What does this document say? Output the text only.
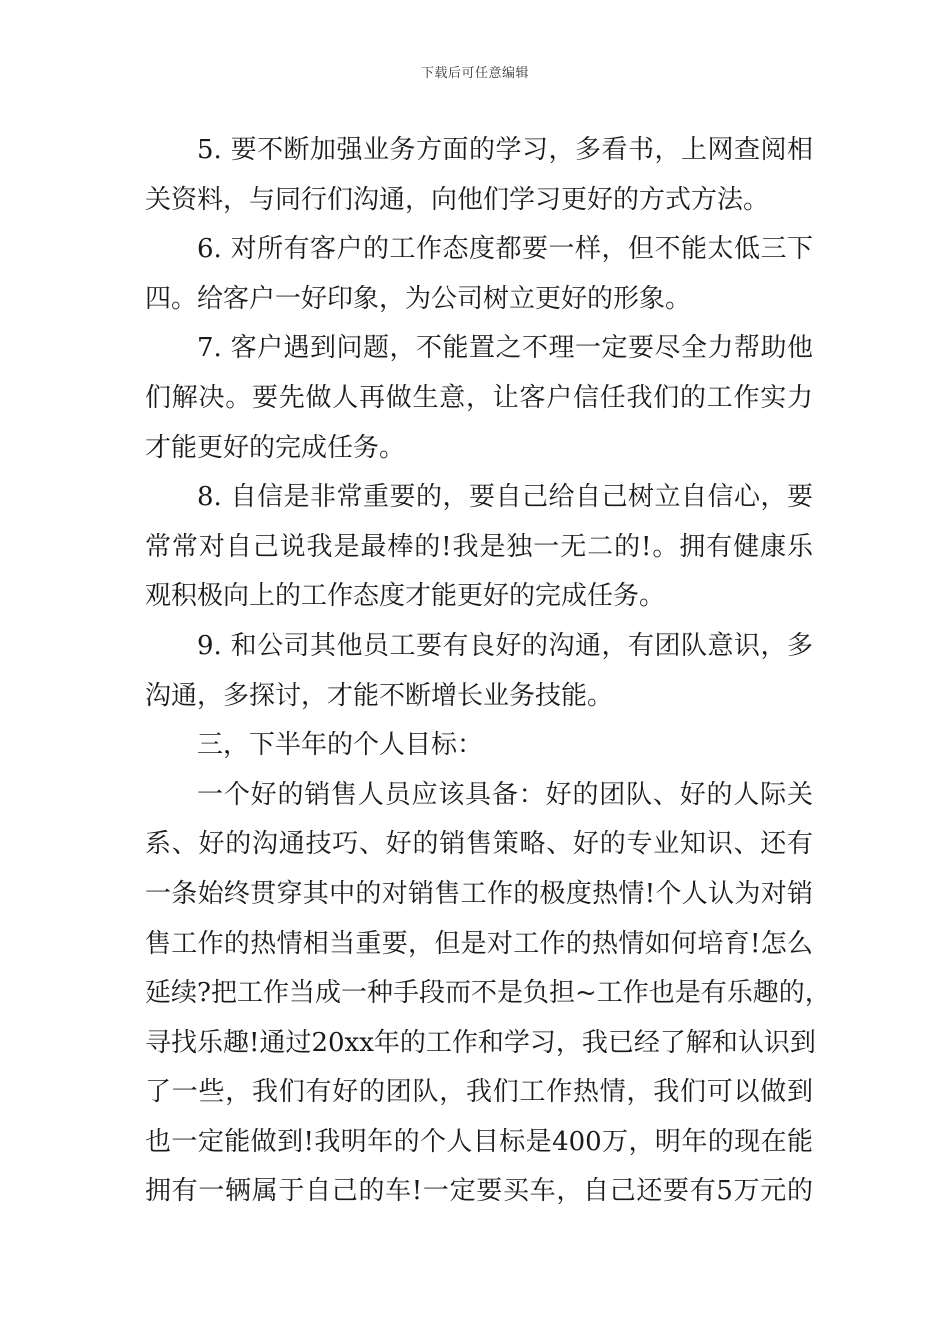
下载后可任意编辑

5. 要不断加强业务方面的学习，多看书，上网查阅相
关资料，与同行们沟通，向他们学习更好的方式方法。

6. 对所有客户的工作态度都要一样，但不能太低三下
四。给客户一好印象，为公司树立更好的形象。

7. 客户遇到问题，不能置之不理一定要尽全力帮助他
们解决。要先做人再做生意，让客户信任我们的工作实力
才能更好的完成任务。

8. 自信是非常重要的，要自己给自己树立自信心，要
常常对自己说我是最棒的!我是独一无二的!。拥有健康乐
观积极向上的工作态度才能更好的完成任务。

9. 和公司其他员工要有良好的沟通，有团队意识，多
沟通，多探讨，才能不断增长业务技能。

三，下半年的个人目标：

一个好的销售人员应该具备：好的团队、好的人际关
系、好的沟通技巧、好的销售策略、好的专业知识、还有
一条始终贯穿其中的对销售工作的极度热情!个人认为对销
售工作的热情相当重要，但是对工作的热情如何培育!怎么
延续?把工作当成一种手段而不是负担~工作也是有乐趣的，
寻找乐趣!通过20xx年的工作和学习，我已经了解和认识到
了一些，我们有好的团队，我们工作热情，我们可以做到
也一定能做到!我明年的个人目标是400万，明年的现在能
拥有一辆属于自己的车!一定要买车，自己还要有5万元的
